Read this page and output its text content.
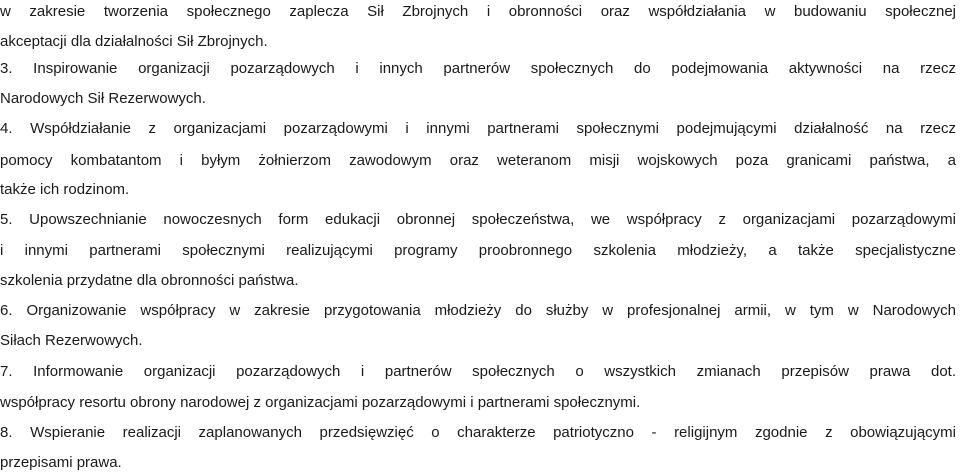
w zakresie tworzenia społecznego zaplecza Sił Zbrojnych i obronności oraz współdziałania w budowaniu społecznej
akceptacji dla działalności Sił Zbrojnych.
3. Inspirowanie organizacji pozarządowych i innych partnerów społecznych do podejmowania aktywności na rzecz
Narodowych Sił Rezerwowych.
4. Współdziałanie z organizacjami pozarządowymi i innymi partnerami społecznymi podejmującymi działalność na rzecz
pomocy kombatantom i byłym żołnierzom zawodowym oraz weteranom misji wojskowych poza granicami państwa, a
także ich rodzinom.
5. Upowszechnianie nowoczesnych form edukacji obronnej społeczeństwa, we współpracy z organizacjami pozarządowymi
i innymi partnerami społecznymi realizującymi programy proobronnego szkolenia młodzieży, a także specjalistyczne
szkolenia przydatne dla obronności państwa.
6. Organizowanie współpracy w zakresie przygotowania młodzieży do służby w profesjonalnej armii, w tym w Narodowych
Siłach Rezerwowych.
7. Informowanie organizacji pozarządowych i partnerów społecznych o wszystkich zmianach przepisów prawa dot.
współpracy resortu obrony narodowej z organizacjami pozarządowymi i partnerami społecznymi.
8. Wspieranie realizacji zaplanowanych przedsięwzięć o charakterze patriotyczno - religijnym zgodnie z obowiązującymi
przepisami prawa.
